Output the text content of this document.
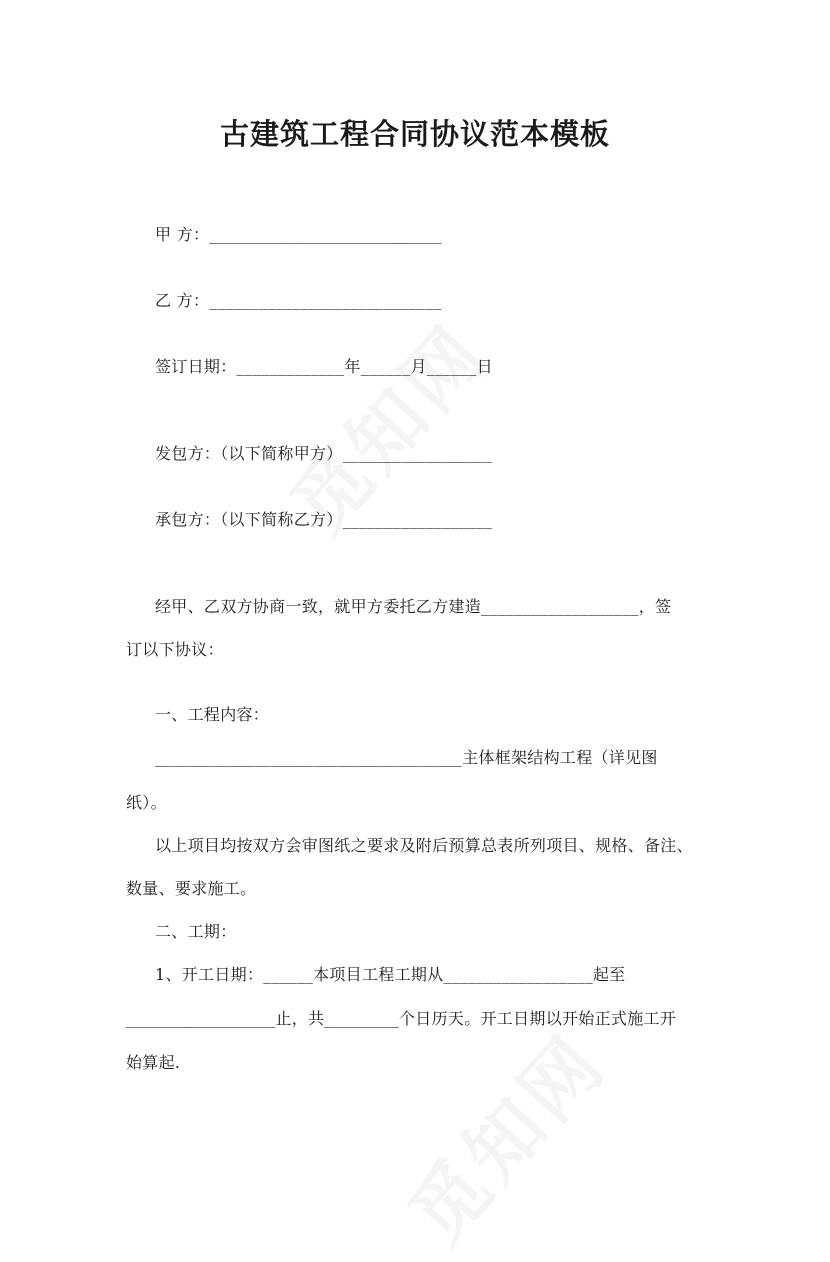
古建筑工程合同协议范本模板
甲 方：____________________________
乙 方：____________________________
签订日期：_____________年______月______日
发包方：（以下简称甲方）__________________
承包方：（以下简称乙方）__________________
经甲、乙双方协商一致，就甲方委托乙方建造___________________，签
订以下协议：
一、工程内容：
_____________________________________主体框架结构工程（详见图
纸）。
以上项目均按双方会审图纸之要求及附后预算总表所列项目、规格、备注、
数量、要求施工。
二、工期：
1、开工日期：______本项目工程工期从__________________起至
__________________止，共_________个日历天。开工日期以开始正式施工开
始算起.
